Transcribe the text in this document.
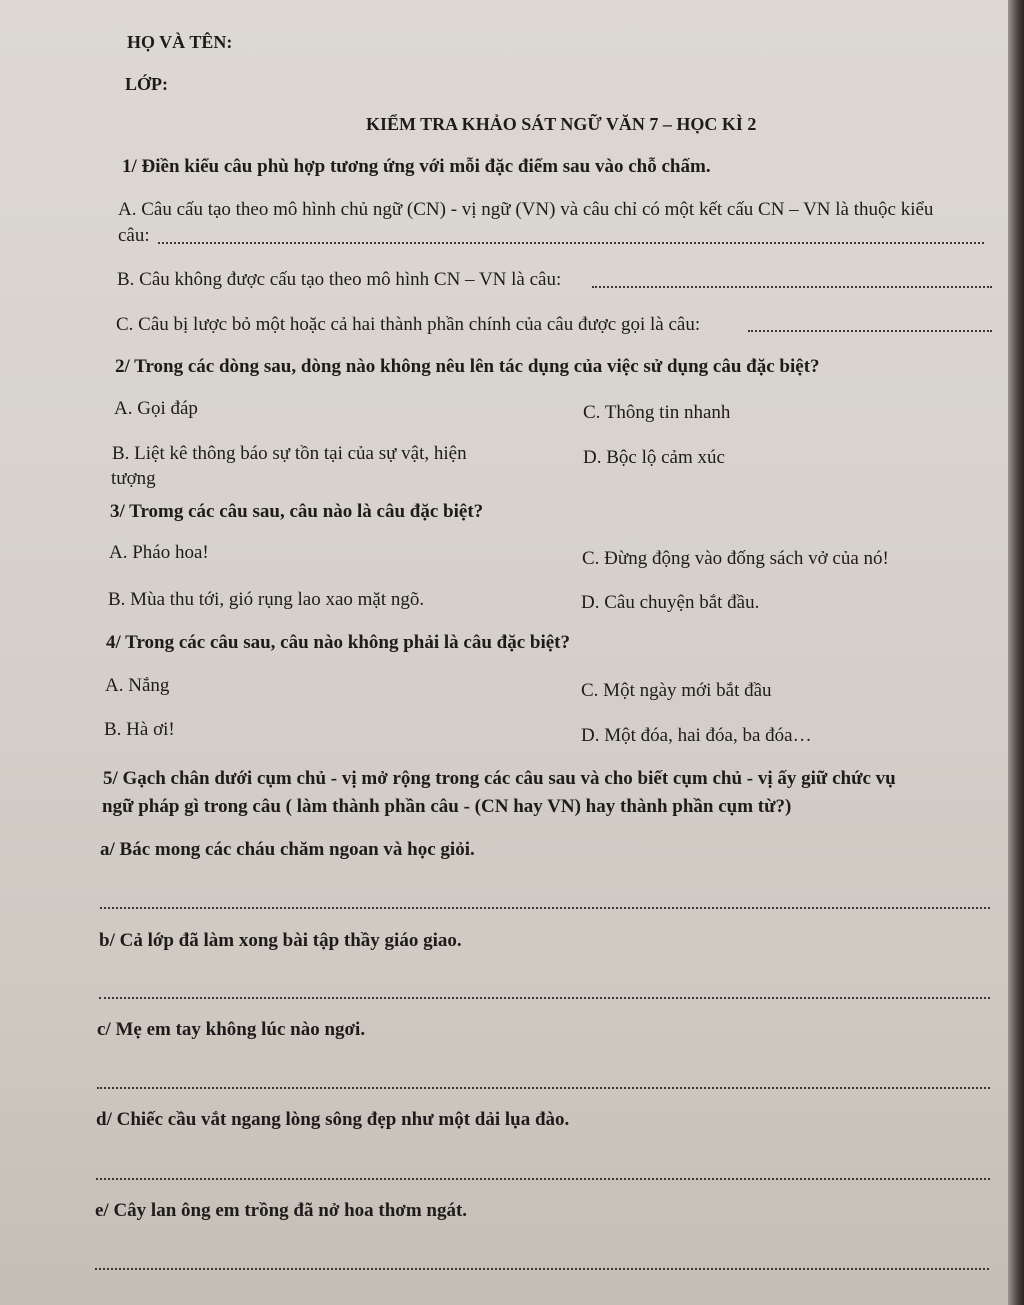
HỌ VÀ TÊN:
LỚP:
KIỂM TRA KHẢO SÁT NGỮ VĂN 7 – HỌC KÌ 2
1/ Điền kiểu câu phù hợp tương ứng với mỗi đặc điểm sau vào chỗ chấm.
A. Câu cấu tạo theo mô hình chủ ngữ (CN) - vị ngữ (VN) và câu chỉ có một kết cấu CN – VN là thuộc kiểu
câu:
B. Câu không được cấu tạo theo mô hình CN – VN là câu:
C. Câu bị lược bỏ một hoặc cả hai thành phần chính của câu được gọi là câu:
2/ Trong các dòng sau, dòng nào không nêu lên tác dụng của việc sử dụng câu đặc biệt?
A. Gọi đáp	C. Thông tin nhanh
B. Liệt kê thông báo sự tồn tại của sự vật, hiện
tượng
D. Bộc lộ cảm xúc
3/ Tromg các câu sau, câu nào là câu đặc biệt?
A. Pháo hoa!	C. Đừng động vào đống sách vở của nó!
B. Mùa thu tới, gió rụng lao xao mặt ngõ.	D. Câu chuyện bắt đầu.
4/ Trong các câu sau, câu nào không phải là câu đặc biệt?
A. Nắng	C. Một ngày mới bắt đầu
B. Hà ơi!	D. Một đóa, hai đóa, ba đóa…
5/ Gạch chân dưới cụm chủ - vị mở rộng trong các câu sau và cho biết cụm chủ - vị ấy giữ chức vụ
ngữ pháp gì trong câu ( làm thành phần câu - (CN hay VN) hay thành phần cụm từ?)
a/ Bác mong các cháu chăm ngoan và học giỏi.
b/ Cả lớp đã làm xong bài tập thầy giáo giao.
c/ Mẹ em tay không lúc nào ngơi.
d/ Chiếc cầu vắt ngang lòng sông đẹp như một dải lụa đào.
e/ Cây lan ông em trồng đã nở hoa thơm ngát.
